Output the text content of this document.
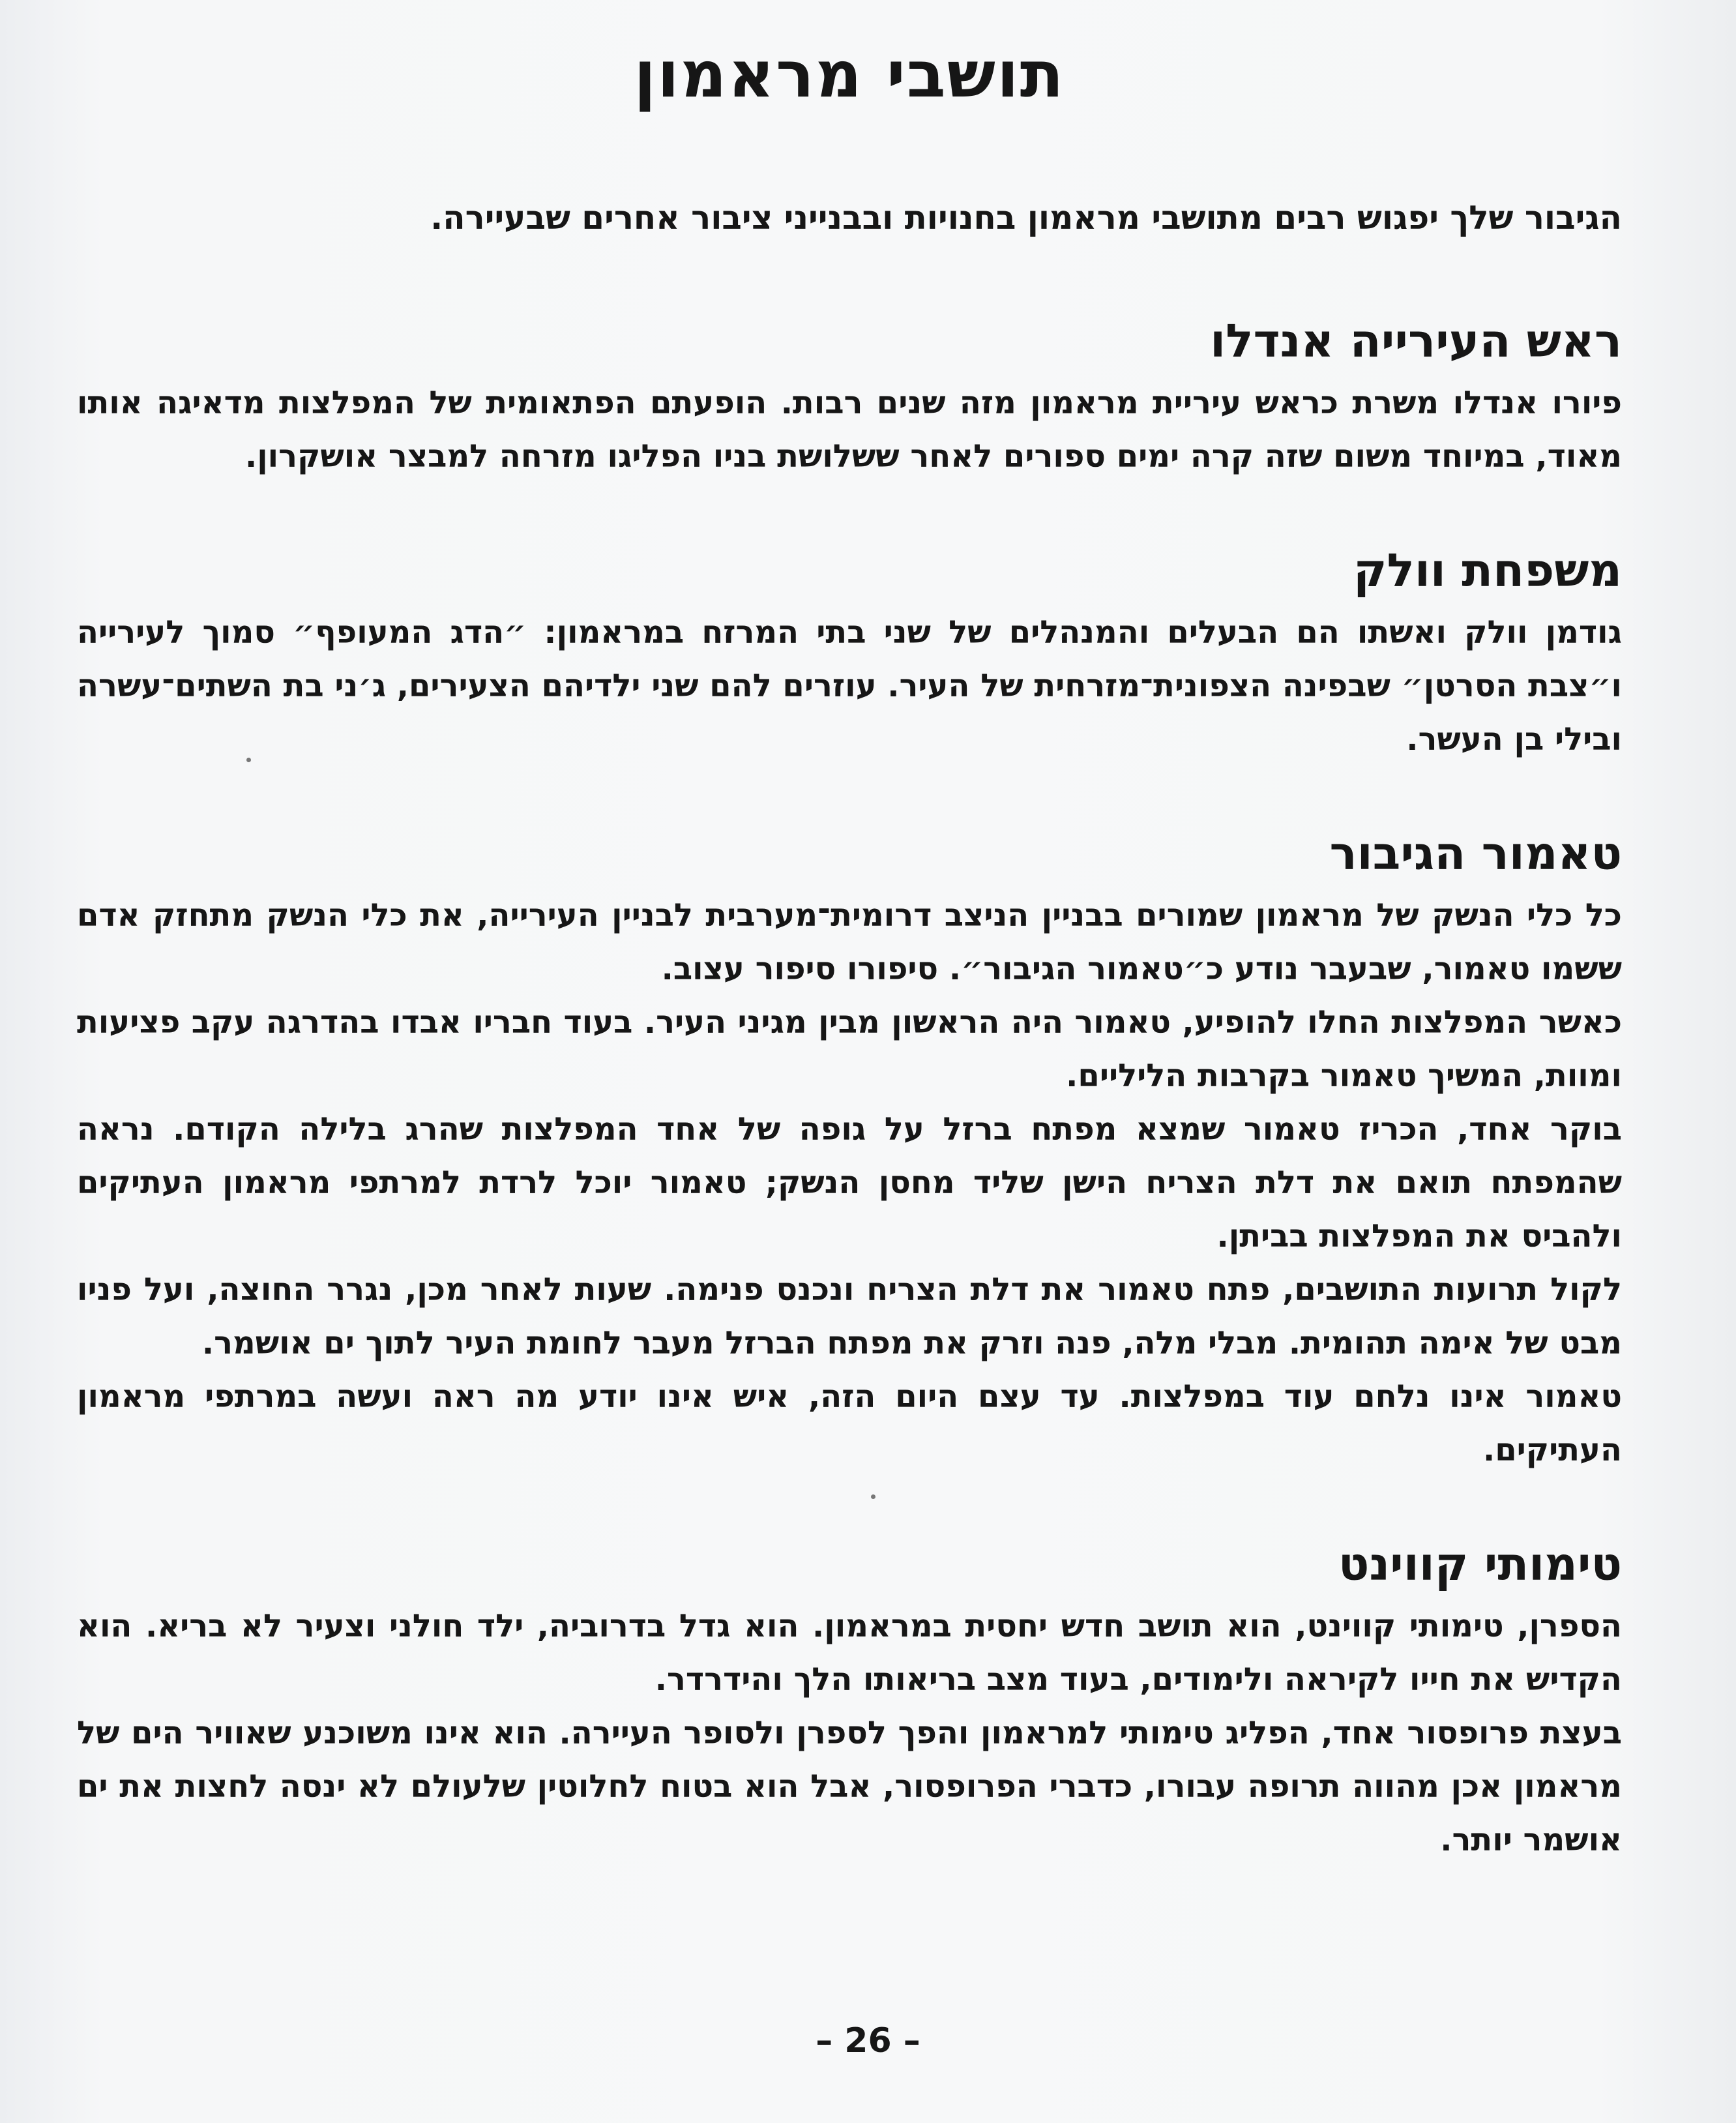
תושבי מראמון

הגיבור שלך יפגוש רבים מתושבי מראמון בחנויות ובבנייני ציבור אחרים שבעיירה.

ראש העירייה אנדלו

פיורו אנדלו משרת כראש עיריית מראמון מזה שנים רבות. הופעתם הפתאומית של המפלצות מדאיגה אותו מאוד, במיוחד משום שזה קרה ימים ספורים לאחר ששלושת בניו הפליגו מזרחה למבצר אושקרון.

משפחת וולק

גודמן וולק ואשתו הם הבעלים והמנהלים של שני בתי המרזח במראמון: ״הדג המעופף״ סמוך לעירייה ו״צבת הסרטן״ שבפינה הצפונית־מזרחית של העיר. עוזרים להם שני ילדיהם הצעירים, ג׳ני בת השתים־עשרה ובילי בן העשר.

טאמור הגיבור

כל כלי הנשק של מראמון שמורים בבניין הניצב דרומית־מערבית לבניין העירייה, את כלי הנשק מתחזק אדם ששמו טאמור, שבעבר נודע כ״טאמור הגיבור״. סיפורו סיפור עצוב.

כאשר המפלצות החלו להופיע, טאמור היה הראשון מבין מגיני העיר. בעוד חבריו אבדו בהדרגה עקב פציעות ומוות, המשיך טאמור בקרבות הליליים.

בוקר אחד, הכריז טאמור שמצא מפתח ברזל על גופה של אחד המפלצות שהרג בלילה הקודם. נראה שהמפתח תואם את דלת הצריח הישן שליד מחסן הנשק; טאמור יוכל לרדת למרתפי מראמון העתיקים ולהביס את המפלצות בביתן.

לקול תרועות התושבים, פתח טאמור את דלת הצריח ונכנס פנימה. שעות לאחר מכן, נגרר החוצה, ועל פניו מבט של אימה תהומית. מבלי מלה, פנה וזרק את מפתח הברזל מעבר לחומת העיר לתוך ים אושמר.

טאמור אינו נלחם עוד במפלצות. עד עצם היום הזה, איש אינו יודע מה ראה ועשה במרתפי מראמון העתיקים.

טימותי קווינט

הספרן, טימותי קווינט, הוא תושב חדש יחסית במראמון. הוא גדל בדרוביה, ילד חולני וצעיר לא בריא. הוא הקדיש את חייו לקיראה ולימודים, בעוד מצב בריאותו הלך והידרדר.

בעצת פרופסור אחד, הפליג טימותי למראמון והפך לספרן ולסופר העיירה. הוא אינו משוכנע שאוויר הים של מראמון אכן מהווה תרופה עבורו, כדברי הפרופסור, אבל הוא בטוח לחלוטין שלעולם לא ינסה לחצות את ים אושמר יותר.

– 26 –
